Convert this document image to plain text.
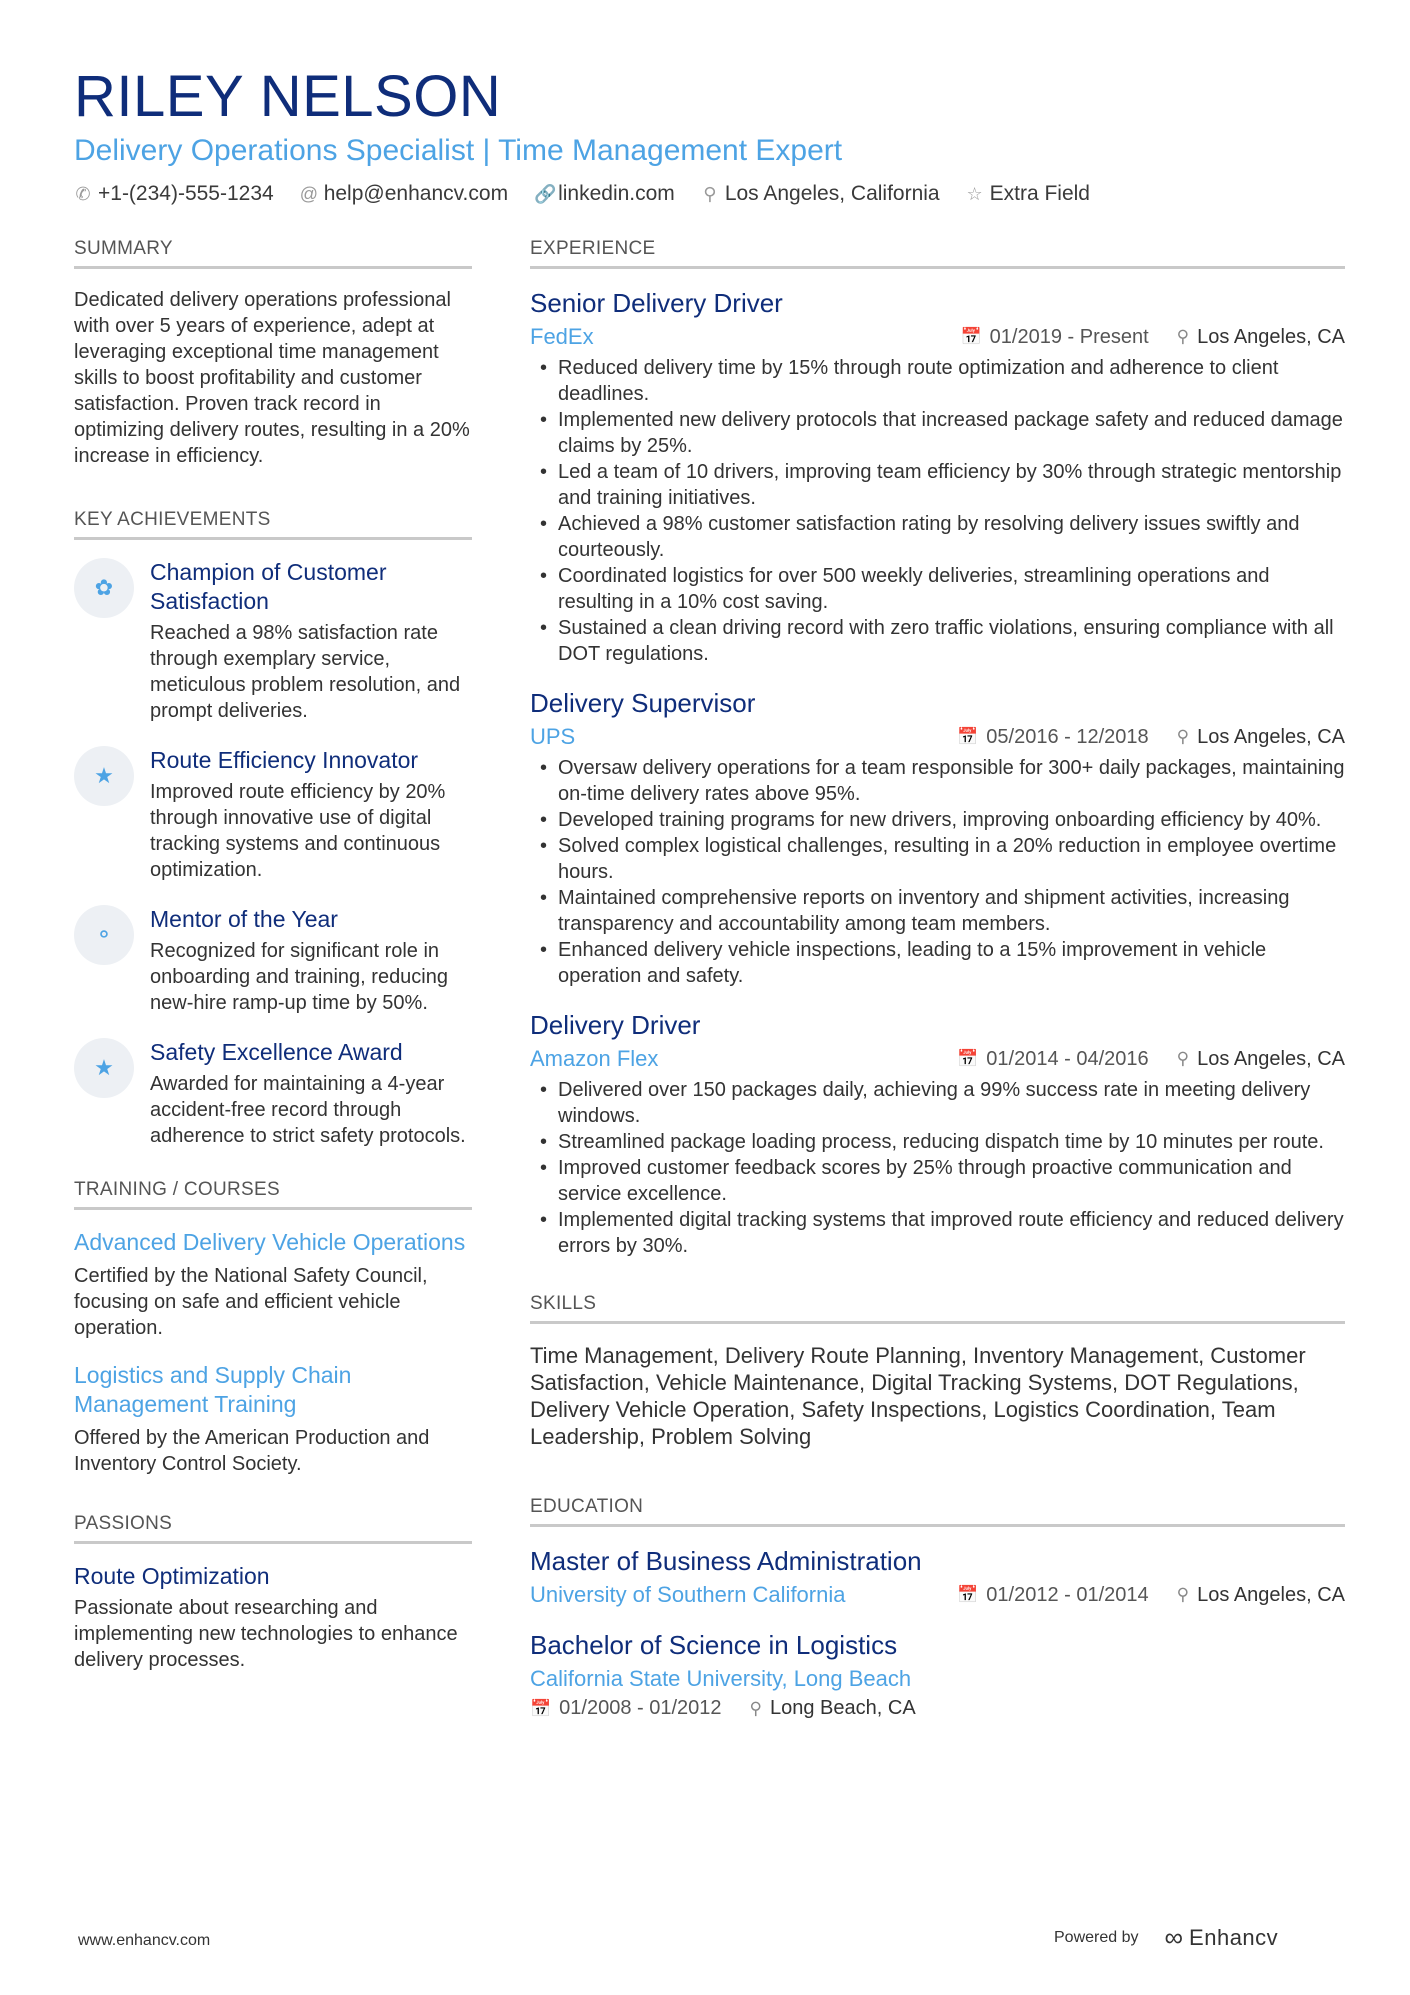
RILEY NELSON
Delivery Operations Specialist | Time Management Expert
✆ +1-(234)-555-1234 @ help@enhancv.com 🔗 linkedin.com ⚲ Los Angeles, California ☆ Extra Field
SUMMARY
Dedicated delivery operations professional with over 5 years of experience, adept at leveraging exceptional time management skills to boost profitability and customer satisfaction. Proven track record in optimizing delivery routes, resulting in a 20% increase in efficiency.
KEY ACHIEVEMENTS
✿
Champion of Customer Satisfaction
Reached a 98% satisfaction rate through exemplary service, meticulous problem resolution, and prompt deliveries.
★
Route Efficiency Innovator
Improved route efficiency by 20% through innovative use of digital tracking systems and continuous optimization.
⚬
Mentor of the Year
Recognized for significant role in onboarding and training, reducing new-hire ramp-up time by 50%.
★
Safety Excellence Award
Awarded for maintaining a 4-year accident-free record through adherence to strict safety protocols.
TRAINING / COURSES
Advanced Delivery Vehicle Operations
Certified by the National Safety Council, focusing on safe and efficient vehicle operation.
Logistics and Supply Chain Management Training
Offered by the American Production and Inventory Control Society.
PASSIONS
Route Optimization
Passionate about researching and implementing new technologies to enhance delivery processes.
EXPERIENCE
Senior Delivery Driver
FedEx	📅 01/2019 - Present ⚲ Los Angeles, CA
• Reduced delivery time by 15% through route optimization and adherence to client deadlines.
• Implemented new delivery protocols that increased package safety and reduced damage claims by 25%.
• Led a team of 10 drivers, improving team efficiency by 30% through strategic mentorship and training initiatives.
• Achieved a 98% customer satisfaction rating by resolving delivery issues swiftly and courteously.
• Coordinated logistics for over 500 weekly deliveries, streamlining operations and resulting in a 10% cost saving.
• Sustained a clean driving record with zero traffic violations, ensuring compliance with all DOT regulations.
Delivery Supervisor
UPS	📅 05/2016 - 12/2018 ⚲ Los Angeles, CA
• Oversaw delivery operations for a team responsible for 300+ daily packages, maintaining on-time delivery rates above 95%.
• Developed training programs for new drivers, improving onboarding efficiency by 40%.
• Solved complex logistical challenges, resulting in a 20% reduction in employee overtime hours.
• Maintained comprehensive reports on inventory and shipment activities, increasing transparency and accountability among team members.
• Enhanced delivery vehicle inspections, leading to a 15% improvement in vehicle operation and safety.
Delivery Driver
Amazon Flex	📅 01/2014 - 04/2016 ⚲ Los Angeles, CA
• Delivered over 150 packages daily, achieving a 99% success rate in meeting delivery windows.
• Streamlined package loading process, reducing dispatch time by 10 minutes per route.
• Improved customer feedback scores by 25% through proactive communication and service excellence.
• Implemented digital tracking systems that improved route efficiency and reduced delivery errors by 30%.
SKILLS
Time Management, Delivery Route Planning, Inventory Management, Customer Satisfaction, Vehicle Maintenance, Digital Tracking Systems, DOT Regulations, Delivery Vehicle Operation, Safety Inspections, Logistics Coordination, Team Leadership, Problem Solving
EDUCATION
Master of Business Administration
University of Southern California	📅 01/2012 - 01/2014 ⚲ Los Angeles, CA
Bachelor of Science in Logistics
California State University, Long Beach
📅 01/2008 - 01/2012 ⚲ Long Beach, CA
www.enhancv.com	Powered by ∞ Enhancv
